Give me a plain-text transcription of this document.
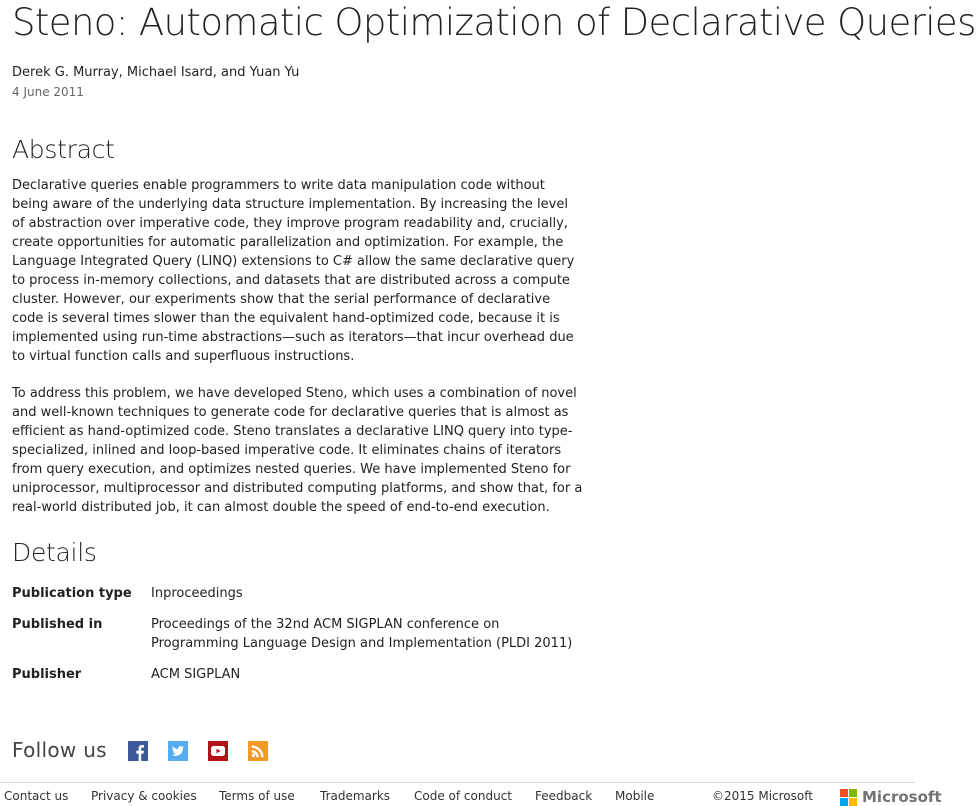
Steno: Automatic Optimization of Declarative Queries
Derek G. Murray, Michael Isard, and Yuan Yu
4 June 2011
Abstract

Declarative queries enable programmers to write data manipulation code without being aware of the underlying data structure implementation. By increasing the level of abstraction over imperative code, they improve program readability and, crucially, create opportunities for automatic parallelization and optimization. For example, the Language Integrated Query (LINQ) extensions to C# allow the same declarative query to process in-memory collections, and datasets that are distributed across a compute cluster. However, our experiments show that the serial performance of declarative code is several times slower than the equivalent hand-optimized code, because it is implemented using run-time abstractions—such as iterators—that incur overhead due to virtual function calls and superfluous instructions.

To address this problem, we have developed Steno, which uses a combination of novel and well-known techniques to generate code for declarative queries that is almost as efficient as hand-optimized code. Steno translates a declarative LINQ query into type-specialized, inlined and loop-based imperative code. It eliminates chains of iterators from query execution, and optimizes nested queries. We have implemented Steno for uniprocessor, multiprocessor and distributed computing platforms, and show that, for a real-world distributed job, it can almost double the speed of end-to-end execution.

Details
Publication type	Inproceedings
Published in	Proceedings of the 32nd ACM SIGPLAN conference on Programming Language Design and Implementation (PLDI 2011)
Publisher	ACM SIGPLAN
Follow us
Contact us Privacy & cookies Terms of use Trademarks Code of conduct Feedback Mobile	©2015 Microsoft	Microsoft
